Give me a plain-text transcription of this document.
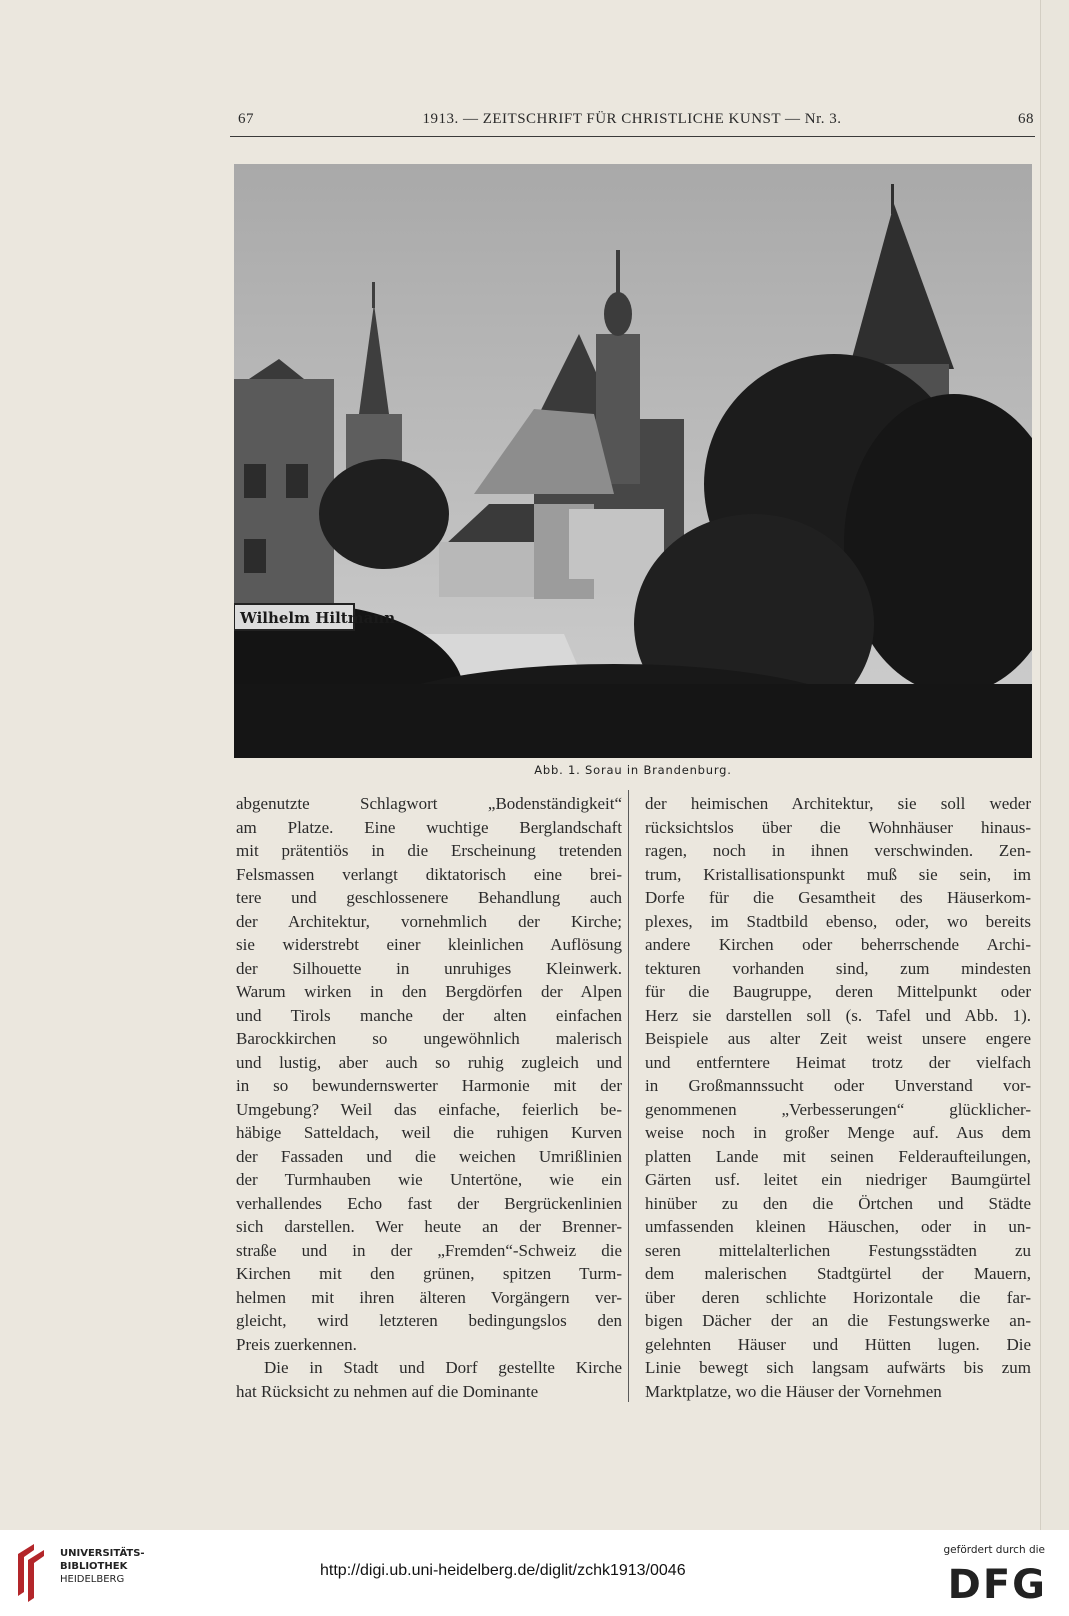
67	1913. — ZEITSCHRIFT FÜR CHRISTLICHE KUNST — Nr. 3.	68
Wilhelm Hiltmann
Abb. 1. Sorau in Brandenburg.
abgenutzte Schlagwort „Bodenständigkeit“
am Platze. Eine wuchtige Berglandschaft
mit prätentiös in die Erscheinung tretenden
Felsmassen verlangt diktatorisch eine brei-
tere und geschlossenere Behandlung auch
der Architektur, vornehmlich der Kirche;
sie widerstrebt einer kleinlichen Auflösung
der Silhouette in unruhiges Kleinwerk.
Warum wirken in den Bergdörfen der Alpen
und Tirols manche der alten einfachen
Barockkirchen so ungewöhnlich malerisch
und lustig, aber auch so ruhig zugleich und
in so bewundernswerter Harmonie mit der
Umgebung? Weil das einfache, feierlich be-
häbige Satteldach, weil die ruhigen Kurven
der Fassaden und die weichen Umrißlinien
der Turmhauben wie Untertöne, wie ein
verhallendes Echo fast der Bergrückenlinien
sich darstellen. Wer heute an der Brenner-
straße und in der „Fremden“-Schweiz die
Kirchen mit den grünen, spitzen Turm-
helmen mit ihren älteren Vorgängern ver-
gleicht, wird letzteren bedingungslos den
Preis zuerkennen.
Die in Stadt und Dorf gestellte Kirche
hat Rücksicht zu nehmen auf die Dominante
der heimischen Architektur, sie soll weder
rücksichtslos über die Wohnhäuser hinaus-
ragen, noch in ihnen verschwinden. Zen-
trum, Kristallisationspunkt muß sie sein, im
Dorfe für die Gesamtheit des Häuserkom-
plexes, im Stadtbild ebenso, oder, wo bereits
andere Kirchen oder beherrschende Archi-
tekturen vorhanden sind, zum mindesten
für die Baugruppe, deren Mittelpunkt oder
Herz sie darstellen soll (s. Tafel und Abb. 1).
Beispiele aus alter Zeit weist unsere engere
und entferntere Heimat trotz der vielfach
in Großmannssucht oder Unverstand vor-
genommenen „Verbesserungen“ glücklicher-
weise noch in großer Menge auf. Aus dem
platten Lande mit seinen Felderaufteilungen,
Gärten usf. leitet ein niedriger Baumgürtel
hinüber zu den die Örtchen und Städte
umfassenden kleinen Häuschen, oder in un-
seren mittelalterlichen Festungsstädten zu
dem malerischen Stadtgürtel der Mauern,
über deren schlichte Horizontale die far-
bigen Dächer der an die Festungswerke an-
gelehnten Häuser und Hütten lugen. Die
Linie bewegt sich langsam aufwärts bis zum
Marktplatze, wo die Häuser der Vornehmen
UNIVERSITÄTS-
BIBLIOTHEK
HEIDELBERG
http://digi.ub.uni-heidelberg.de/diglit/zchk1913/0046
gefördert durch die
DFG
